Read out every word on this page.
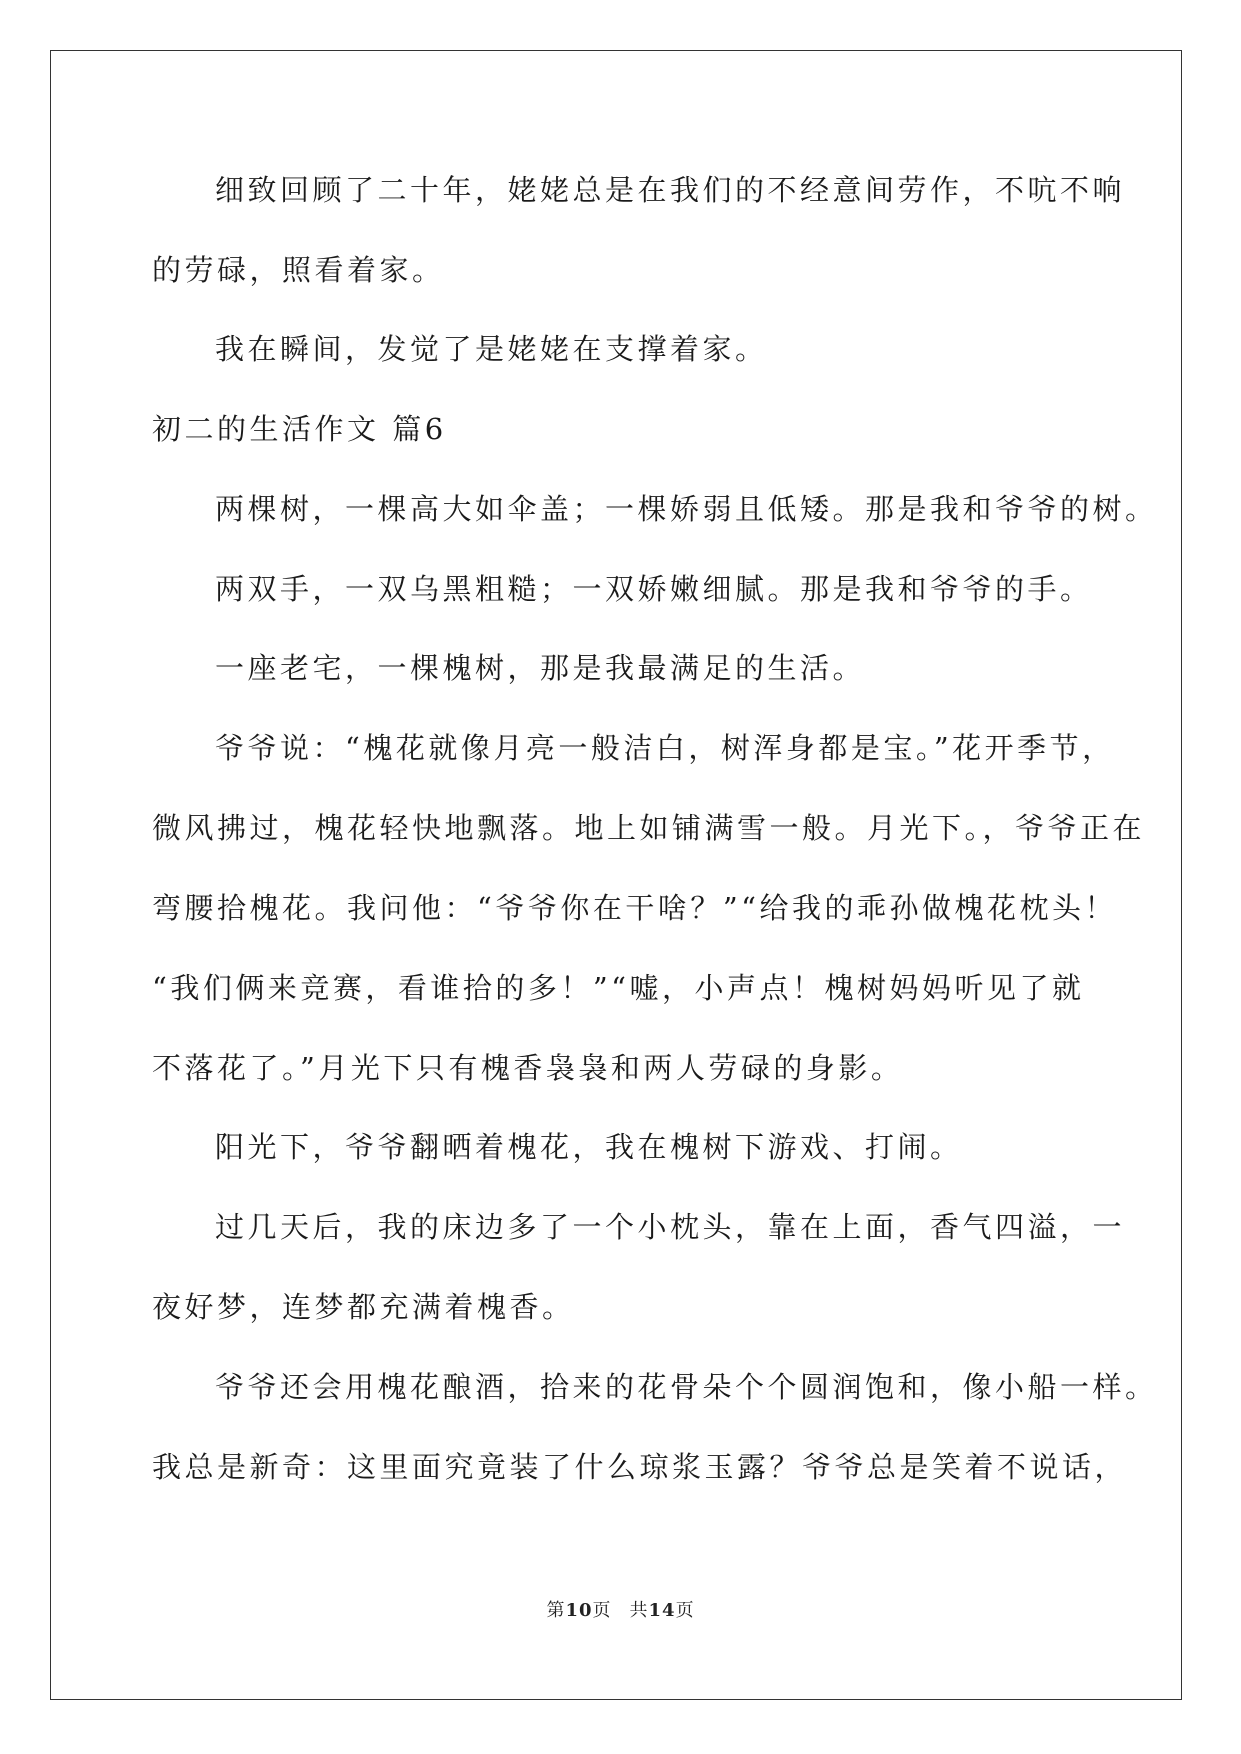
细致回顾了二十年，姥姥总是在我们的不经意间劳作，不吭不响
的劳碌，照看着家。
我在瞬间，发觉了是姥姥在支撑着家。
初二的生活作文 篇6
两棵树，一棵高大如伞盖；一棵娇弱且低矮。那是我和爷爷的树。
两双手，一双乌黑粗糙；一双娇嫩细腻。那是我和爷爷的手。
一座老宅，一棵槐树，那是我最满足的生活。
爷爷说：“槐花就像月亮一般洁白，树浑身都是宝。”花开季节，
微风拂过，槐花轻快地飘落。地上如铺满雪一般。月光下。，爷爷正在
弯腰拾槐花。我问他：“爷爷你在干啥？”“给我的乖孙做槐花枕头！
“我们俩来竞赛，看谁拾的多！”“嘘，小声点！槐树妈妈听见了就
不落花了。”月光下只有槐香袅袅和两人劳碌的身影。
阳光下，爷爷翻晒着槐花，我在槐树下游戏、打闹。
过几天后，我的床边多了一个小枕头，靠在上面，香气四溢，一
夜好梦，连梦都充满着槐香。
爷爷还会用槐花酿酒，拾来的花骨朵个个圆润饱和，像小船一样。
我总是新奇：这里面究竟装了什么琼浆玉露？爷爷总是笑着不说话，
第10页 共14页
